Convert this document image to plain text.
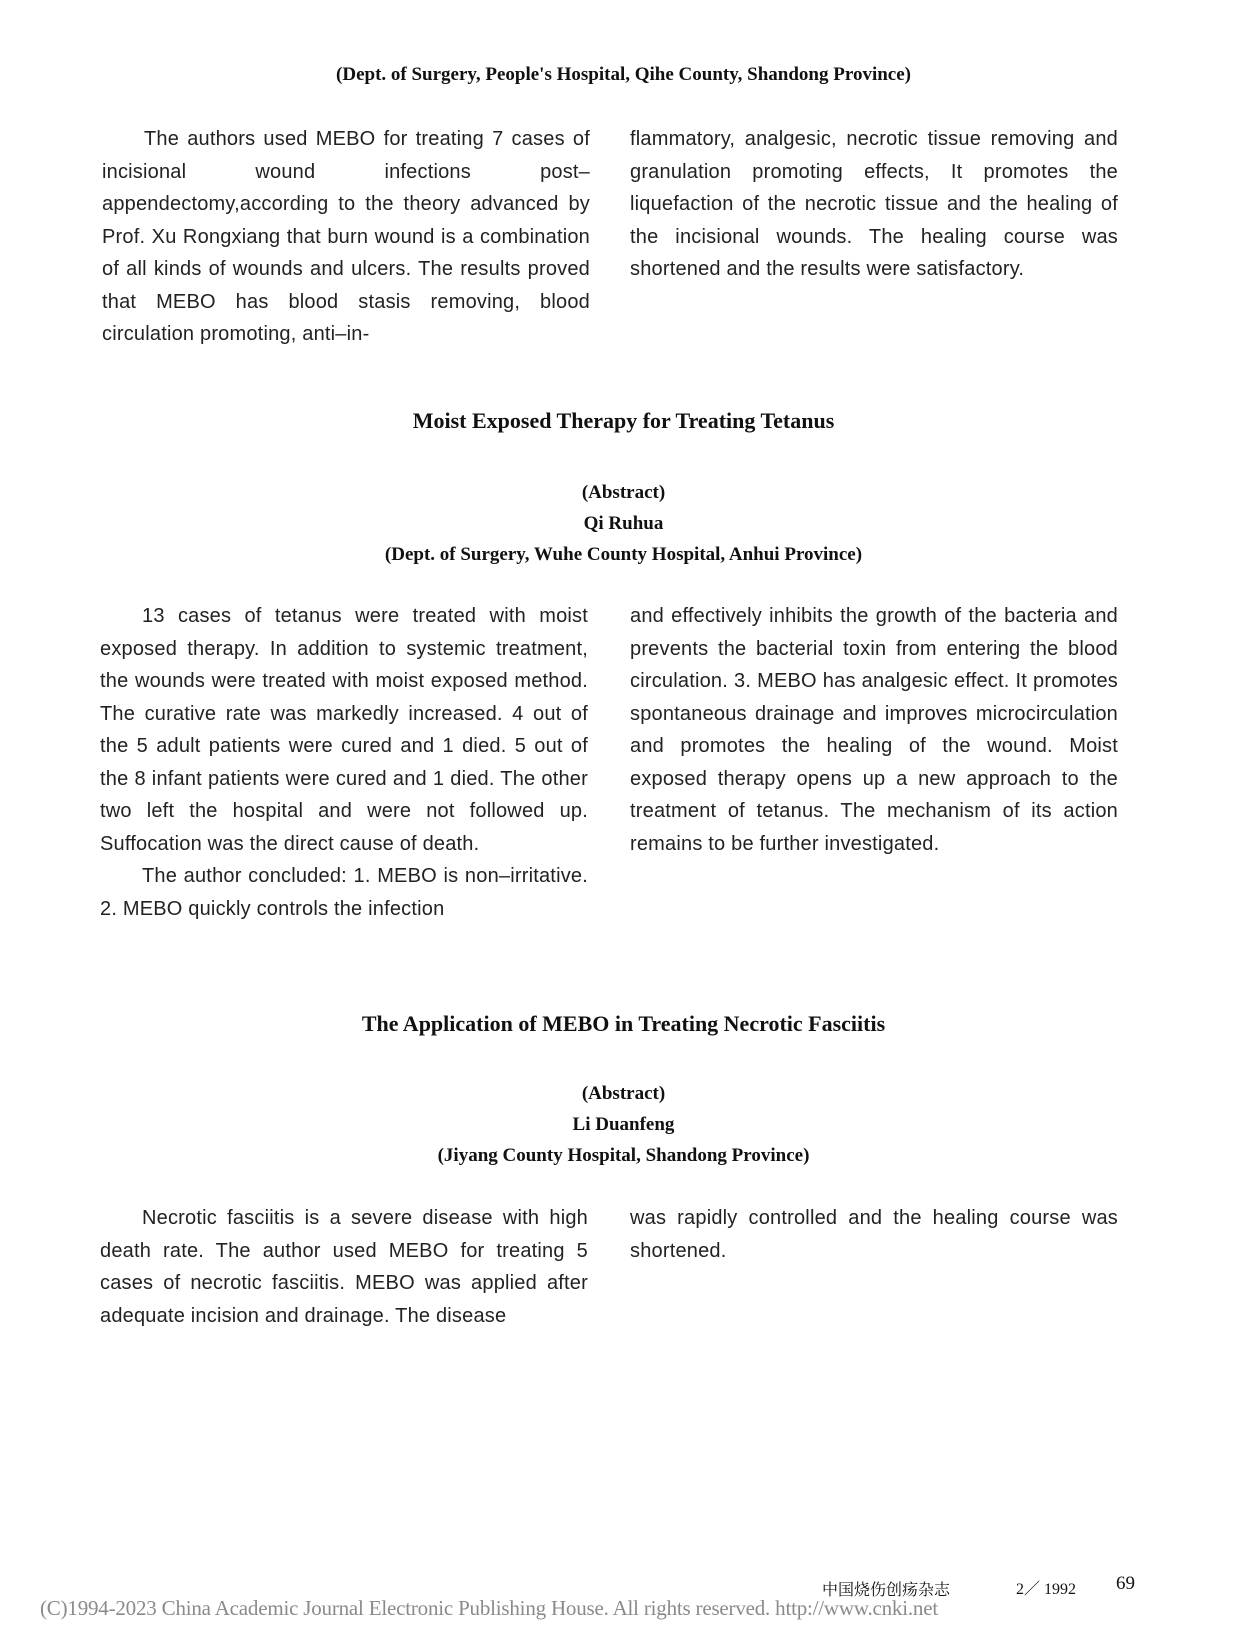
(Dept. of Surgery, People's Hospital, Qihe County, Shandong Province)

The authors used MEBO for treating 7 cases of incisional wound infections post–appendectomy,according to the theory advanced by Prof. Xu Rongxiang that burn wound is a combination of all kinds of wounds and ulcers. The results proved that MEBO has blood stasis removing, blood circulation promoting, anti–in-

flammatory, analgesic, necrotic tissue removing and granulation promoting effects, It promotes the liquefaction of the necrotic tissue and the healing of the incisional wounds. The healing course was shortened and the results were satisfactory.

Moist Exposed Therapy for Treating Tetanus
(Abstract)
Qi Ruhua
(Dept. of Surgery, Wuhe County Hospital, Anhui Province)

13 cases of tetanus were treated with moist exposed therapy. In addition to systemic treatment, the wounds were treated with moist exposed method. The curative rate was markedly increased. 4 out of the 5 adult patients were cured and 1 died. 5 out of the 8 infant patients were cured and 1 died. The other two left the hospital and were not followed up. Suffocation was the direct cause of death.

The author concluded: 1. MEBO is non–irritative. 2. MEBO quickly controls the infection

and effectively inhibits the growth of the bacteria and prevents the bacterial toxin from entering the blood circulation. 3. MEBO has analgesic effect. It promotes spontaneous drainage and improves microcirculation and promotes the healing of the wound. Moist exposed therapy opens up a new approach to the treatment of tetanus. The mechanism of its action remains to be further investigated.

The Application of MEBO in Treating Necrotic Fasciitis
(Abstract)
Li Duanfeng
(Jiyang County Hospital, Shandong Province)

Necrotic fasciitis is a severe disease with high death rate. The author used MEBO for treating 5 cases of necrotic fasciitis. MEBO was applied after adequate incision and drainage. The disease

was rapidly controlled and the healing course was shortened.

中国烧伤创疡杂志	2／ 1992 69
(C)1994-2023 China Academic Journal Electronic Publishing House. All rights reserved. http://www.cnki.net
